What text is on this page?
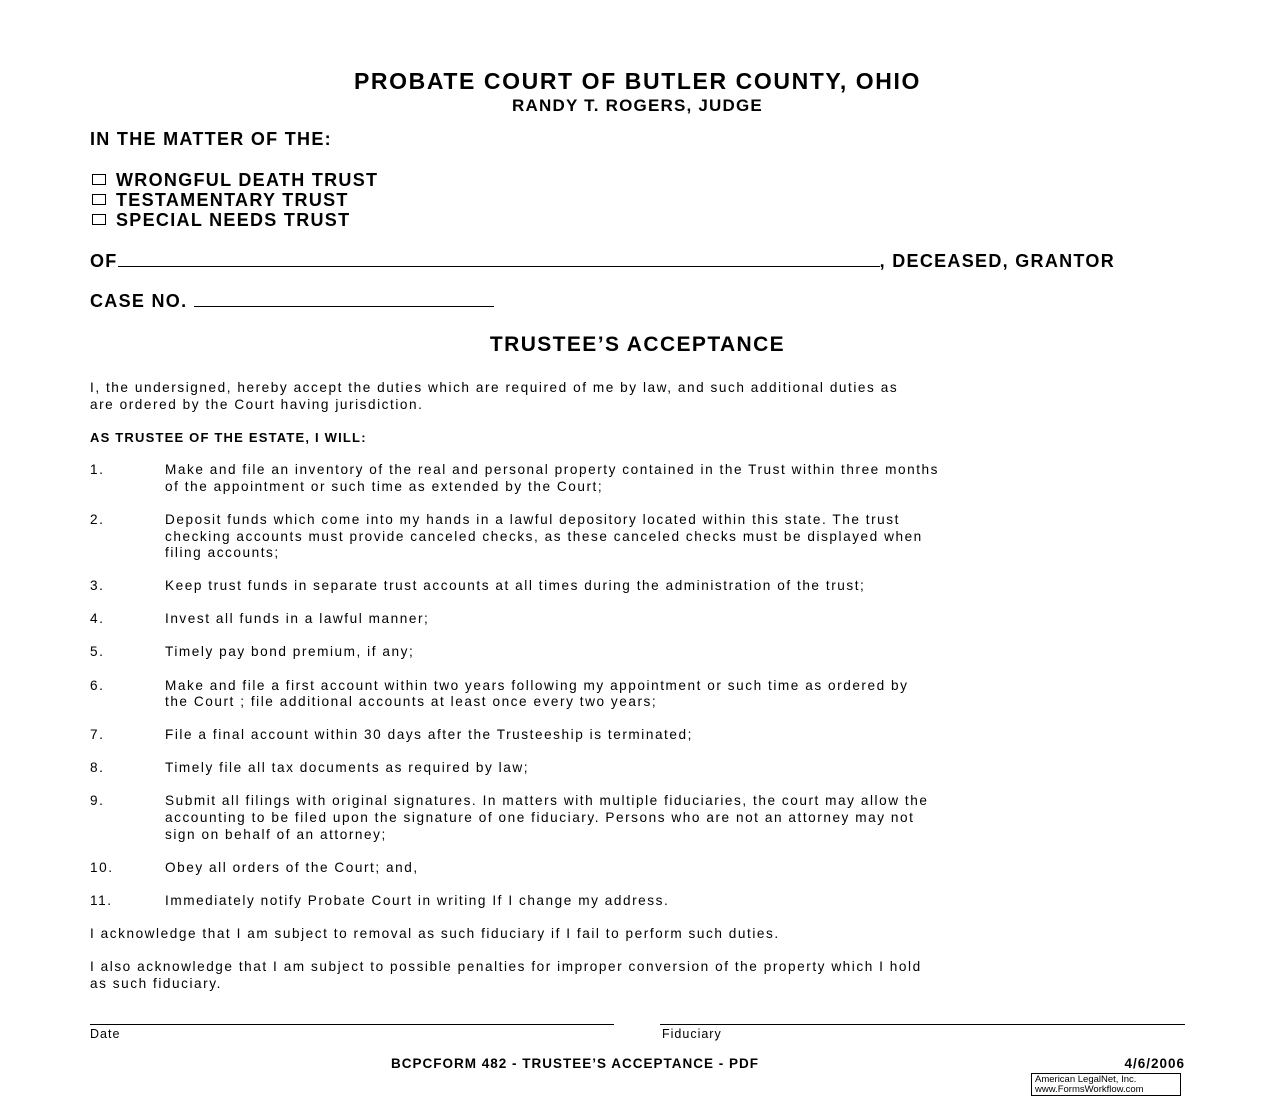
PROBATE COURT OF BUTLER COUNTY, OHIO
RANDY T. ROGERS, JUDGE
IN THE MATTER OF THE:
WRONGFUL DEATH TRUST
TESTAMENTARY TRUST
SPECIAL NEEDS TRUST
OF	, DECEASED, GRANTOR
CASE NO.
TRUSTEE’S ACCEPTANCE

I, the undersigned, hereby accept the duties which are required of me by law, and such additional duties as
are ordered by the Court having jurisdiction.

AS TRUSTEE OF THE ESTATE, I WILL:

1.	Make and file an inventory of the real and personal property contained in the Trust within three months
of the appointment or such time as extended by the Court;
2.	Deposit funds which come into my hands in a lawful depository located within this state. The trust
checking accounts must provide canceled checks, as these canceled checks must be displayed when
filing accounts;
3.	Keep trust funds in separate trust accounts at all times during the administration of the trust;
4.	Invest all funds in a lawful manner;
5.	Timely pay bond premium, if any;
6.	Make and file a first account within two years following my appointment or such time as ordered by
the Court ; file additional accounts at least once every two years;
7.	File a final account within 30 days after the Trusteeship is terminated;
8.	Timely file all tax documents as required by law;
9.	Submit all filings with original signatures. In matters with multiple fiduciaries, the court may allow the
accounting to be filed upon the signature of one fiduciary. Persons who are not an attorney may not
sign on behalf of an attorney;
10.	Obey all orders of the Court; and,
11.	Immediately notify Probate Court in writing If I change my address.

I acknowledge that I am subject to removal as such fiduciary if I fail to perform such duties.

I also acknowledge that I am subject to possible penalties for improper conversion of the property which I hold
as such fiduciary.

Date	Fiduciary
BCPCFORM 482 - TRUSTEE’S ACCEPTANCE - PDF	4/6/2006
American LegalNet, Inc.
www.FormsWorkflow.com
